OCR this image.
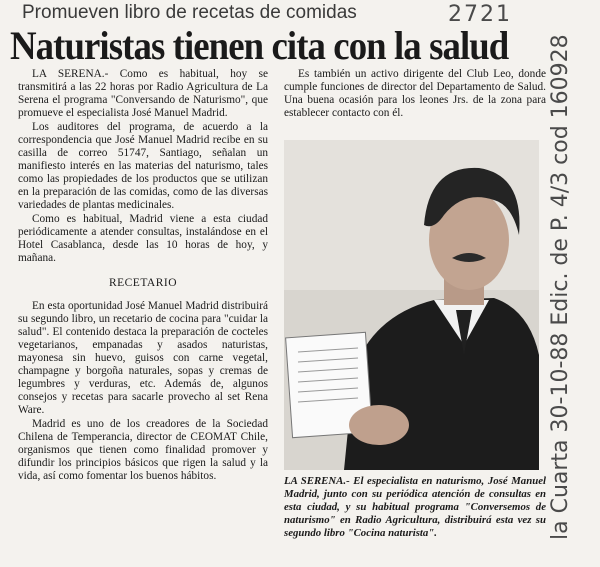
Promueven libro de recetas de comidas
Naturistas tienen cita con la salud
2721

LA SERENA.- Como es habitual, hoy se transmitirá a las 22 horas por Radio Agricultura de La Serena el programa "Conversando de Naturismo", que promueve el especialista José Manuel Madrid.

Los auditores del programa, de acuerdo a la correspondencia que José Manuel Madrid recibe en su casilla de correo 51747, Santiago, señalan un manifiesto interés en las materias del naturismo, tales como las propiedades de los productos que se utilizan en la preparación de las comidas, como de las diversas variedades de plantas medicinales.

Como es habitual, Madrid viene a esta ciudad periódicamente a atender consultas, instalándose en el Hotel Casablanca, desde las 10 horas de hoy, y mañana.

RECETARIO

En esta oportunidad José Manuel Madrid distribuirá su segundo libro, un recetario de cocina para "cuidar la salud". El contenido destaca la preparación de cocteles vegetarianos, empanadas y asados naturistas, mayonesa sin huevo, guisos con carne vegetal, champagne y borgoña naturales, sopas y cremas de legumbres y verduras, etc. Además de, algunos consejos y recetas para sacarle provecho al set Rena Ware.

Madrid es uno de los creadores de la Sociedad Chilena de Temperancia, director de CEOMAT Chile, organismos que tienen como finalidad promover y difundir los principios básicos que rigen la salud y la vida, así como fomentar los buenos hábitos.

Es también un activo dirigente del Club Leo, donde cumple funciones de director del Departamento de Salud. Una buena ocasión para los leones Jrs. de la zona para establecer contacto con él.

LA SERENA.- El especialista en naturismo, José Manuel Madrid, junto con su periódica atención de consultas en esta ciudad, y su habitual programa "Conversemos de naturismo" en Radio Agricultura, distribuirá esta vez su segundo libro "Cocina naturista".	la Cuarta 30-10-88 Edic. de P. 4/3 cod 160928
